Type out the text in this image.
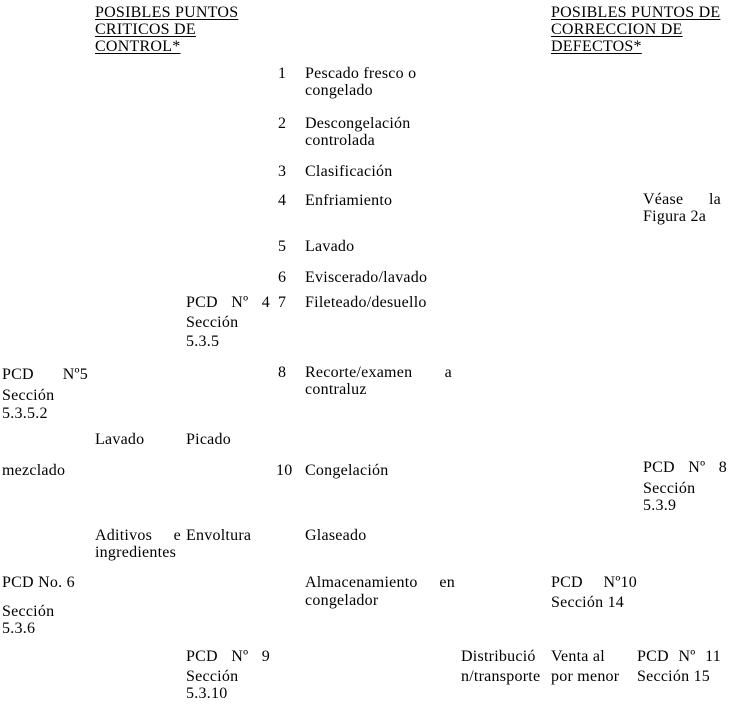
POSIBLES PUNTOS
CRITICOS DE
CONTROL*
POSIBLES PUNTOS DE
CORRECCION DE
DEFECTOS*
1 Pescado fresco o
congelado
2 Descongelación
controlada
3 Clasificación
4 Enfriamiento
5 Lavado
6 Eviscerado/lavado
7 Fileteado/desuello
8 Recorte/examen a
contraluz
10 Congelación
Lavado	Picado
mezclado
Aditivos e
ingredientes
Envoltura	Glaseado
Almacenamiento en
congelador
Distribució
n/transporte
Venta al
por menor
PCD Nº 4
Sección
5.3.5
PCD Nº5
Sección
5.3.5.2
PCD No. 6
Sección
5.3.6
PCD Nº 9
Sección
5.3.10
Véase la
Figura 2a
PCD Nº 8
Sección
5.3.9
PCD Nº10
Sección 14
PCD Nº 11
Sección 15
